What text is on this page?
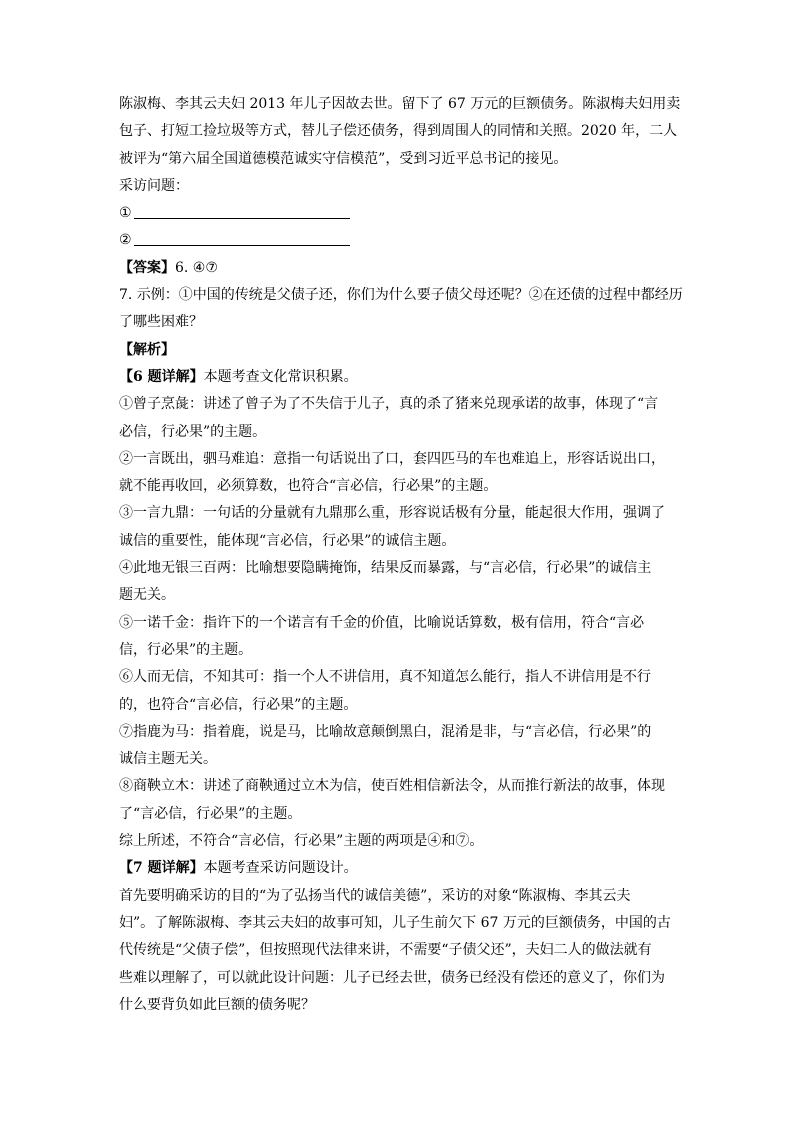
陈淑梅、李其云夫妇 2013 年儿子因故去世。留下了 67 万元的巨额债务。陈淑梅夫妇用卖
包子、打短工捡垃圾等方式，替儿子偿还债务，得到周围人的同情和关照。2020 年，二人
被评为“第六届全国道德模范诚实守信模范”，受到习近平总书记的接见。
采访问题：
①
②
【答案】6. ④⑦
7. 示例：①中国的传统是父债子还，你们为什么要子债父母还呢？②在还债的过程中都经历
了哪些困难？
【解析】
【6 题详解】本题考查文化常识积累。
①曾子烹彘：讲述了曾子为了不失信于儿子，真的杀了猪来兑现承诺的故事，体现了“言
必信，行必果”的主题。
②一言既出，驷马难追：意指一句话说出了口，套四匹马的车也难追上，形容话说出口，
就不能再收回，必须算数，也符合“言必信，行必果”的主题。
③一言九鼎：一句话的分量就有九鼎那么重，形容说话极有分量，能起很大作用，强调了
诚信的重要性，能体现“言必信，行必果”的诚信主题。
④此地无银三百两：比喻想要隐瞒掩饰，结果反而暴露，与“言必信，行必果”的诚信主
题无关。
⑤一诺千金：指许下的一个诺言有千金的价值，比喻说话算数，极有信用，符合“言必
信，行必果”的主题。
⑥人而无信，不知其可：指一个人不讲信用，真不知道怎么能行，指人不讲信用是不行
的，也符合“言必信，行必果”的主题。
⑦指鹿为马：指着鹿，说是马，比喻故意颠倒黑白，混淆是非，与“言必信，行必果”的
诚信主题无关。
⑧商鞅立木：讲述了商鞅通过立木为信，使百姓相信新法令，从而推行新法的故事，体现
了“言必信，行必果”的主题。
综上所述，不符合“言必信，行必果”主题的两项是④和⑦。
【7 题详解】本题考查采访问题设计。
首先要明确采访的目的“为了弘扬当代的诚信美德”，采访的对象“陈淑梅、李其云夫
妇”。了解陈淑梅、李其云夫妇的故事可知，儿子生前欠下 67 万元的巨额债务，中国的古
代传统是“父债子偿”，但按照现代法律来讲，不需要“子债父还”，夫妇二人的做法就有
些难以理解了，可以就此设计问题：儿子已经去世，债务已经没有偿还的意义了，你们为
什么要背负如此巨额的债务呢？
